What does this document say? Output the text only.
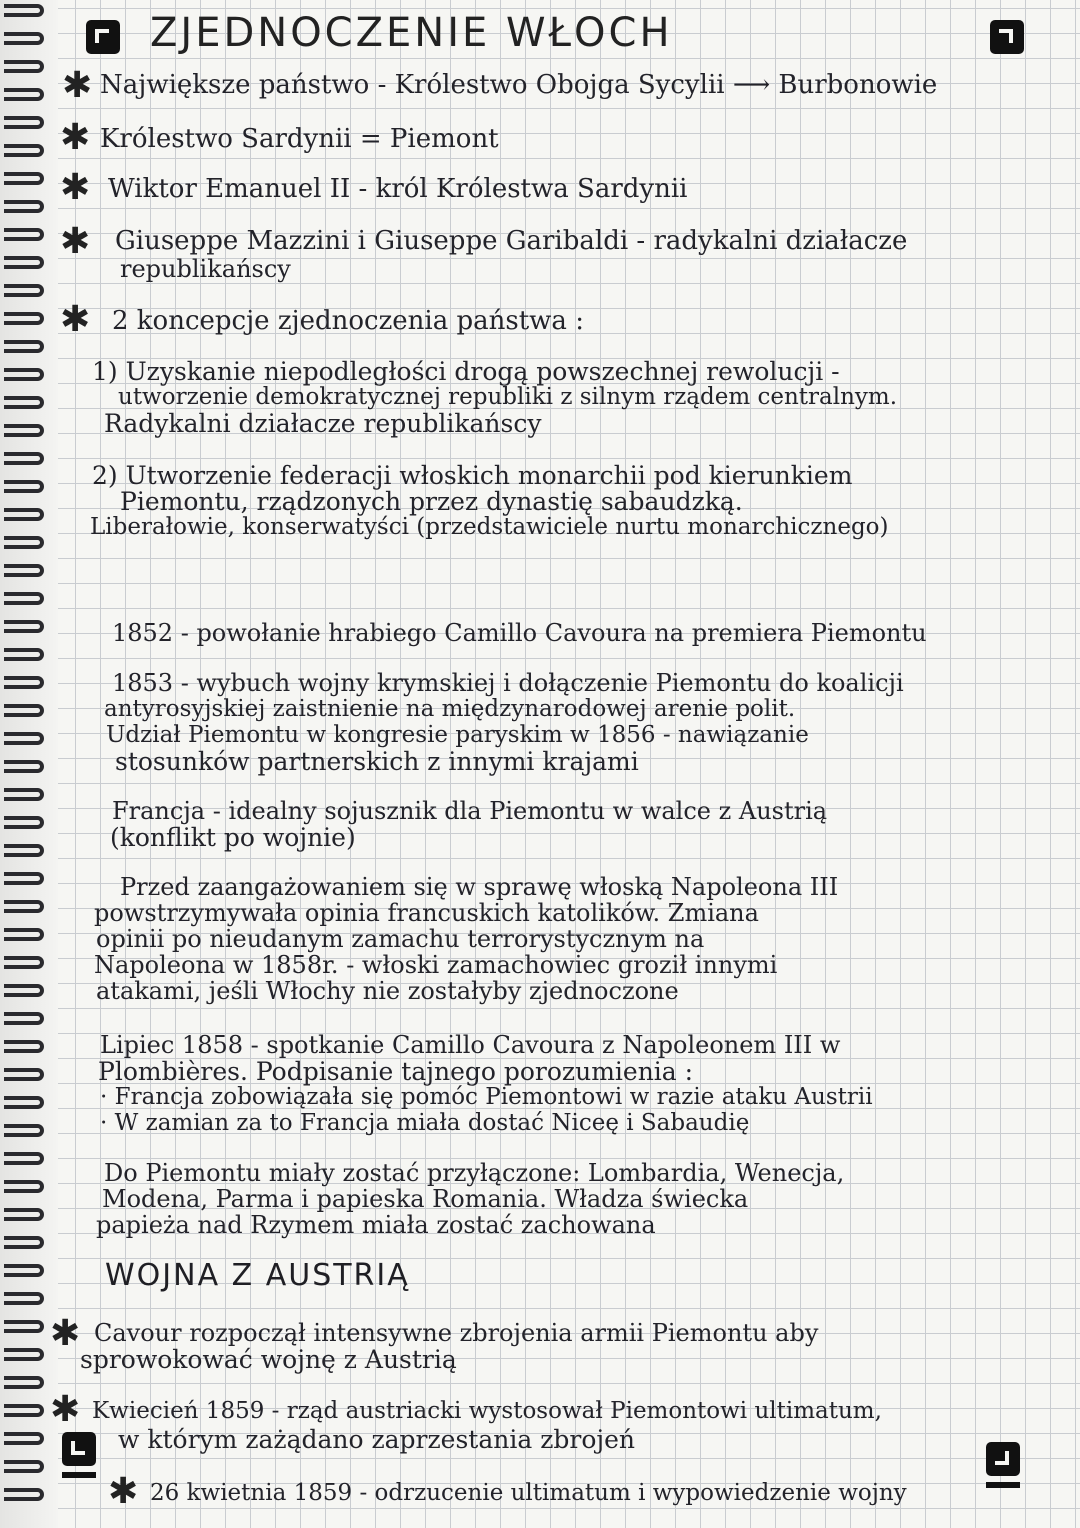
ZJEDNOCZENIE WŁOCH
✱ Największe państwo - Królestwo Obojga Sycylii ⟶ Burbonowie
✱ Królestwo Sardynii = Piemont
✱ Wiktor Emanuel II - król Królestwa Sardynii
✱ Giuseppe Mazzini i Giuseppe Garibaldi - radykalni działacze
republikańscy
✱ 2 koncepcje zjednoczenia państwa :
1) Uzyskanie niepodległości drogą powszechnej rewolucji -
utworzenie demokratycznej republiki z silnym rządem centralnym.
Radykalni działacze republikańscy
2) Utworzenie federacji włoskich monarchii pod kierunkiem
Piemontu, rządzonych przez dynastię sabaudzką.
Liberałowie, konserwatyści (przedstawiciele nurtu monarchicznego)
1852 - powołanie hrabiego Camillo Cavoura na premiera Piemontu
1853 - wybuch wojny krymskiej i dołączenie Piemontu do koalicji
antyrosyjskiej zaistnienie na międzynarodowej arenie polit.
Udział Piemontu w kongresie paryskim w 1856 - nawiązanie
stosunków partnerskich z innymi krajami
Francja - idealny sojusznik dla Piemontu w walce z Austrią
(konflikt po wojnie)
Przed zaangażowaniem się w sprawę włoską Napoleona III
powstrzymywała opinia francuskich katolików. Zmiana
opinii po nieudanym zamachu terrorystycznym na
Napoleona w 1858r. - włoski zamachowiec groził innymi
atakami, jeśli Włochy nie zostałyby zjednoczone
Lipiec 1858 - spotkanie Camillo Cavoura z Napoleonem III w
Plombières. Podpisanie tajnego porozumienia :
· Francja zobowiązała się pomóc Piemontowi w razie ataku Austrii
· W zamian za to Francja miała dostać Niceę i Sabaudię
Do Piemontu miały zostać przyłączone: Lombardia, Wenecja,
Modena, Parma i papieska Romania. Władza świecka
papieża nad Rzymem miała zostać zachowana
WOJNA Z AUSTRIĄ
✱ Cavour rozpoczął intensywne zbrojenia armii Piemontu aby
sprowokować wojnę z Austrią
✱ Kwiecień 1859 - rząd austriacki wystosował Piemontowi ultimatum,
w którym zażądano zaprzestania zbrojeń
✱ 26 kwietnia 1859 - odrzucenie ultimatum i wypowiedzenie wojny
